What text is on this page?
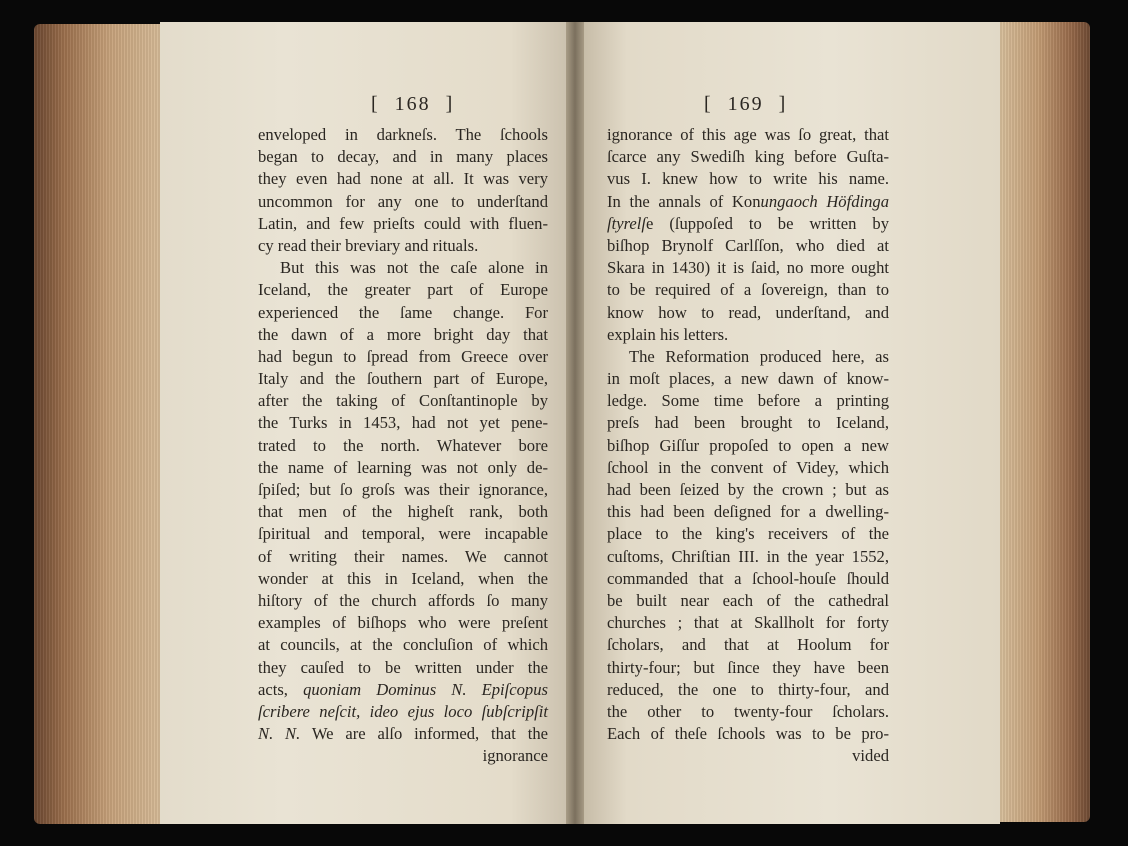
[ 168 ]	[ 169 ]
enveloped in darkneſs. The ſchools
began to decay, and in many places
they even had none at all. It was very
uncommon for any one to underſtand
Latin, and few prieſts could with fluen-
cy read their breviary and rituals.
But this was not the caſe alone in
Iceland, the greater part of Europe
experienced the ſame change. For
the dawn of a more bright day that
had begun to ſpread from Greece over
Italy and the ſouthern part of Europe,
after the taking of Conſtantinople by
the Turks in 1453, had not yet pene-
trated to the north. Whatever bore
the name of learning was not only de-
ſpiſed; but ſo groſs was their ignorance,
that men of the higheſt rank, both
ſpiritual and temporal, were incapable
of writing their names. We cannot
wonder at this in Iceland, when the
hiſtory of the church affords ſo many
examples of biſhops who were preſent
at councils, at the concluſion of which
they cauſed to be written under the
acts, quoniam Dominus N. Epiſcopus
ſcribere neſcit, ideo ejus loco ſubſcripſit
N. N. We are alſo informed, that the
ignorance
ignorance of this age was ſo great, that
ſcarce any Swediſh king before Guſta-
vus I. knew how to write his name.
In the annals of Konungaoch Höfdinga
ſtyrelſe (ſuppoſed to be written by
biſhop Brynolf Carlſſon, who died at
Skara in 1430) it is ſaid, no more ought
to be required of a ſovereign, than to
know how to read, underſtand, and
explain his letters.
The Reformation produced here, as
in moſt places, a new dawn of know-
ledge. Some time before a printing
preſs had been brought to Iceland,
biſhop Giſſur propoſed to open a new
ſchool in the convent of Videy, which
had been ſeized by the crown ; but as
this had been deſigned for a dwelling-
place to the king's receivers of the
cuſtoms, Chriſtian III. in the year 1552,
commanded that a ſchool-houſe ſhould
be built near each of the cathedral
churches ; that at Skallholt for forty
ſcholars, and that at Hoolum for
thirty-four; but ſince they have been
reduced, the one to thirty-four, and
the other to twenty-four ſcholars.
Each of theſe ſchools was to be pro-
vided
